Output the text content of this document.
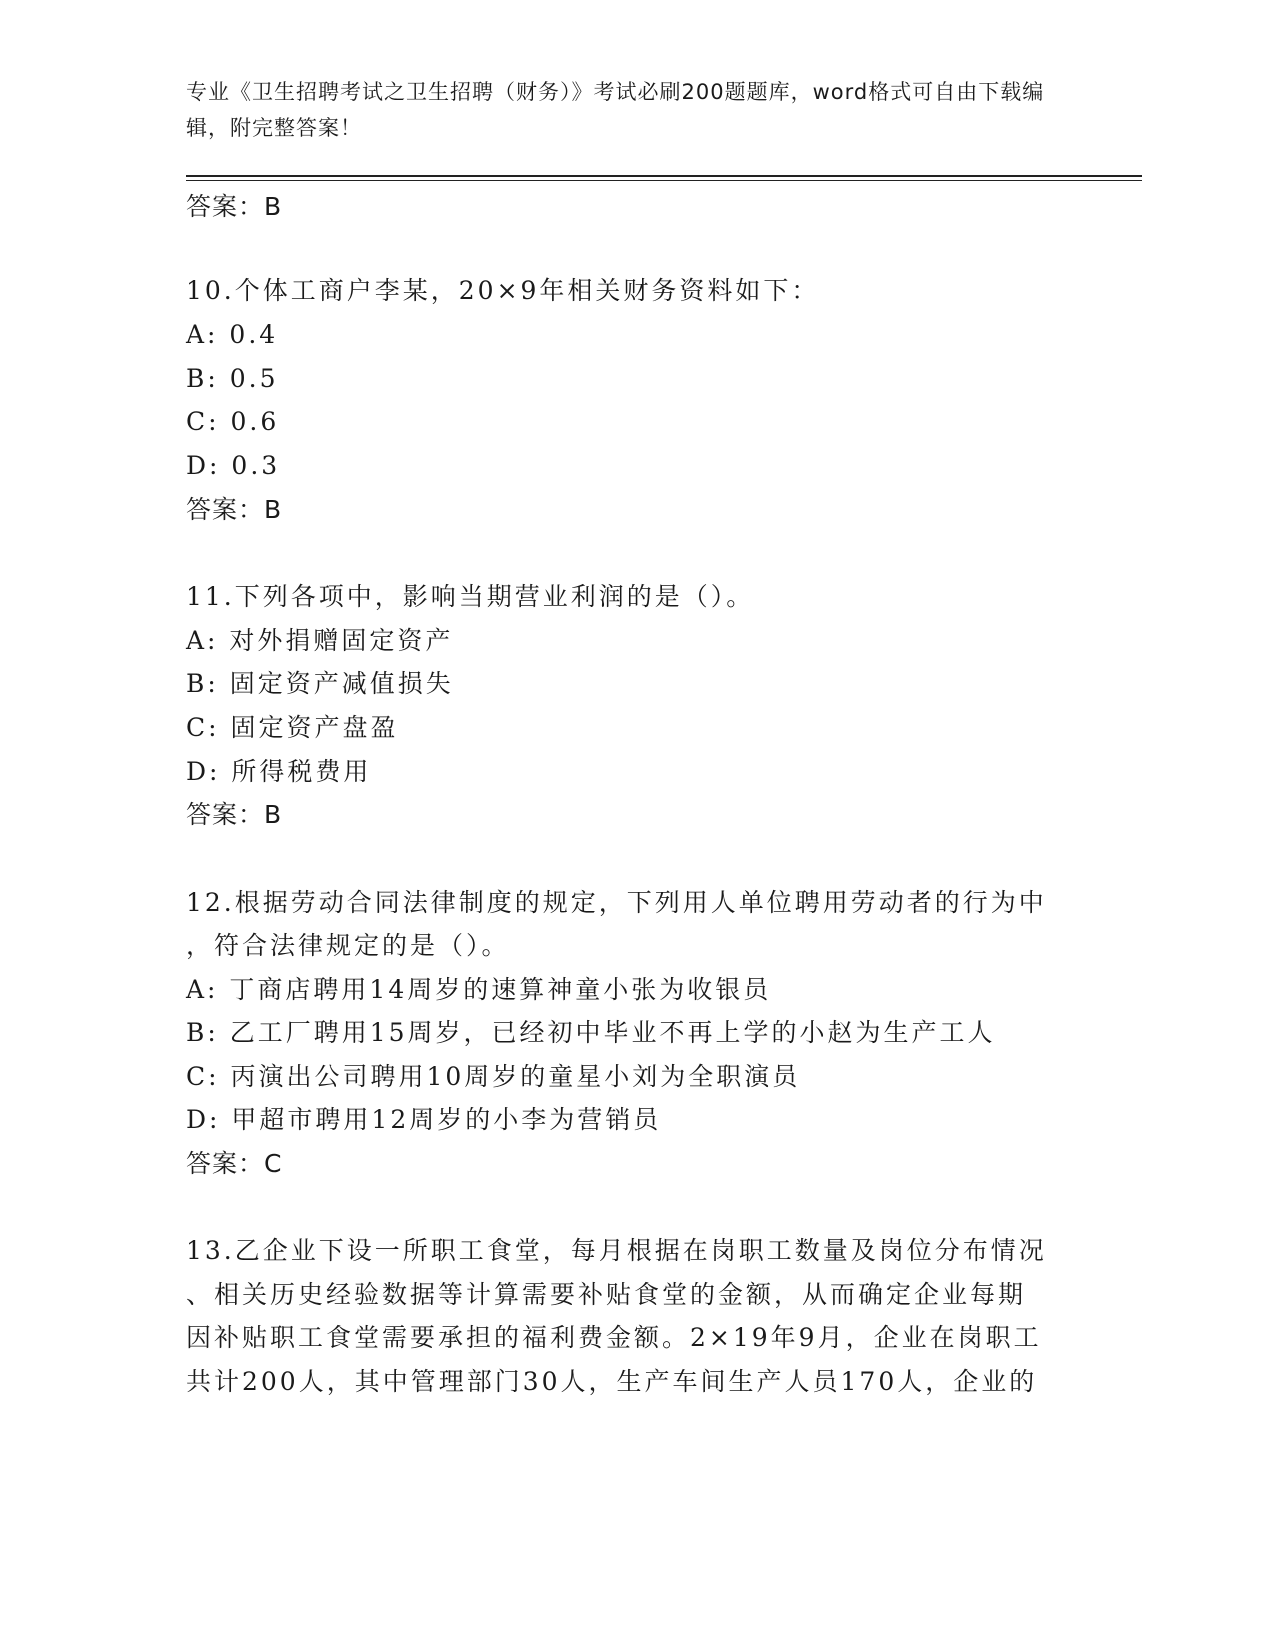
专业《卫生招聘考试之卫生招聘（财务）》考试必刷200题题库，word格式可自由下载编辑，附完整答案！
答案：B
10.个体工商户李某，20×9年相关财务资料如下：
A: 0.4
B: 0.5
C: 0.6
D: 0.3
答案：B
11.下列各项中，影响当期营业利润的是（）。
A: 对外捐赠固定资产
B: 固定资产减值损失
C: 固定资产盘盈
D: 所得税费用
答案：B
12.根据劳动合同法律制度的规定，下列用人单位聘用劳动者的行为中
，符合法律规定的是（）。
A: 丁商店聘用14周岁的速算神童小张为收银员
B: 乙工厂聘用15周岁，已经初中毕业不再上学的小赵为生产工人
C: 丙演出公司聘用10周岁的童星小刘为全职演员
D: 甲超市聘用12周岁的小李为营销员
答案：C
13.乙企业下设一所职工食堂，每月根据在岗职工数量及岗位分布情况
、相关历史经验数据等计算需要补贴食堂的金额，从而确定企业每期
因补贴职工食堂需要承担的福利费金额。2×19年9月，企业在岗职工
共计200人，其中管理部门30人，生产车间生产人员170人，企业的
